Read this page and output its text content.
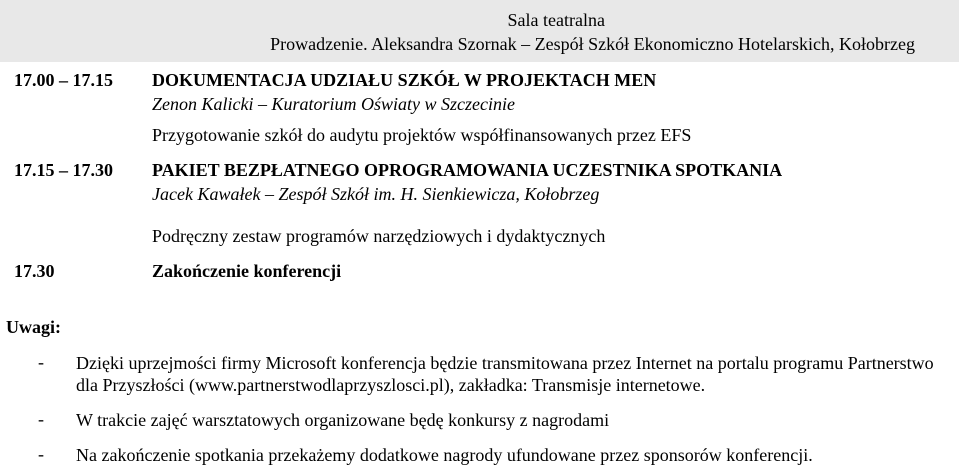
Sala teatralna
Prowadzenie. Aleksandra Szornak – Zespół Szkół Ekonomiczno Hotelarskich, Kołobrzeg
17.00 – 17.15 DOKUMENTACJA UDZIAŁU SZKÓŁ W PROJEKTACH MEN
Zenon Kalicki – Kuratorium Oświaty w Szczecinie
Przygotowanie szkół do audytu projektów współfinansowanych przez EFS
17.15 – 17.30 PAKIET BEZPŁATNEGO OPROGRAMOWANIA UCZESTNIKA SPOTKANIA
Jacek Kawałek – Zespół Szkół im. H. Sienkiewicza, Kołobrzeg
Podręczny zestaw programów narzędziowych i dydaktycznych
17.30	Zakończenie konferencji
Uwagi:
- Dzięki uprzejmości firmy Microsoft konferencja będzie transmitowana przez Internet na portalu programu Partnerstwo dla Przyszłości (www.partnerstwodlaprzyszlosci.pl), zakładka: Transmisje internetowe.
- W trakcie zajęć warsztatowych organizowane będę konkursy z nagrodami
- Na zakończenie spotkania przekażemy dodatkowe nagrody ufundowane przez sponsorów konferencji.
